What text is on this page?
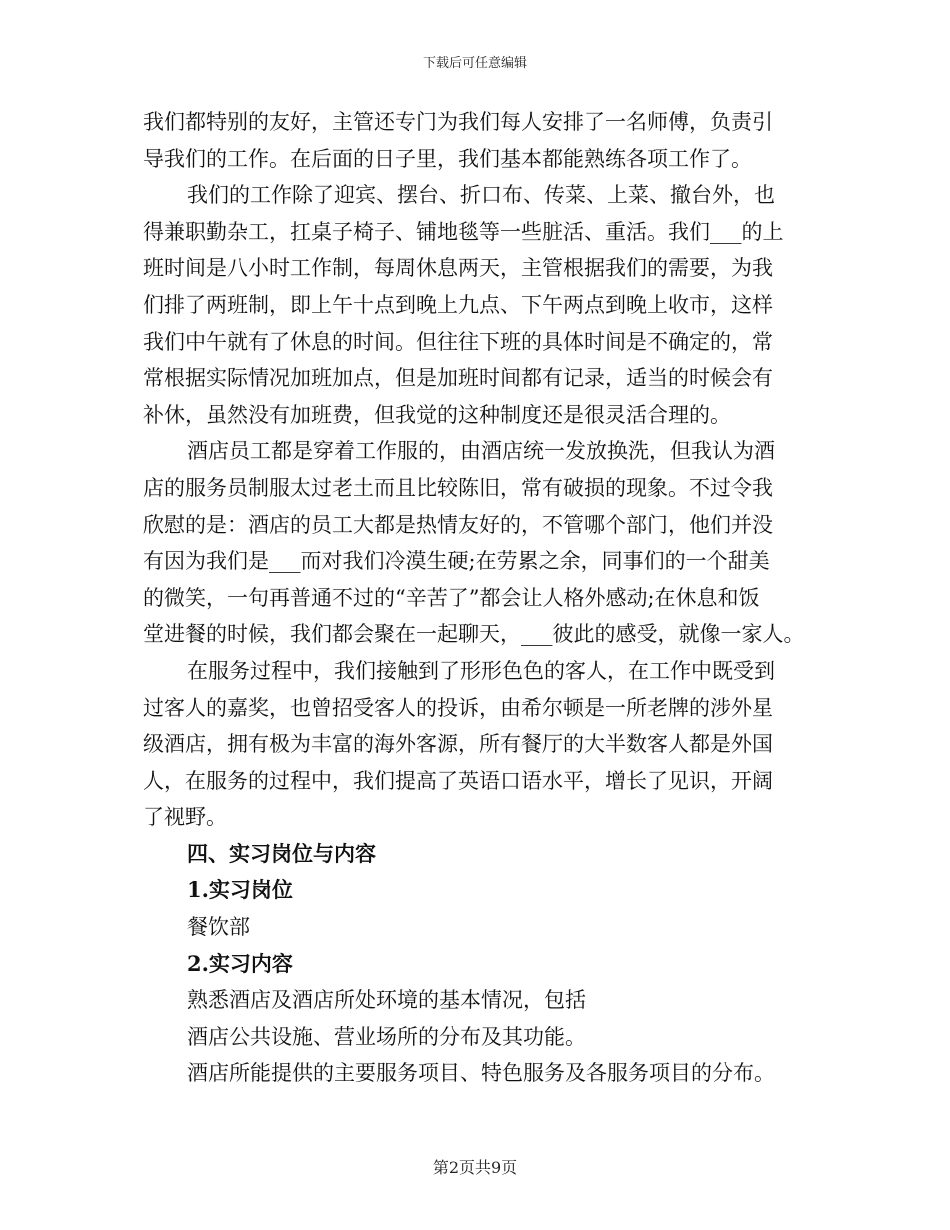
下载后可任意编辑

我们都特别的友好，主管还专门为我们每人安排了一名师傅，负责引
导我们的工作。在后面的日子里，我们基本都能熟练各项工作了。

我们的工作除了迎宾、摆台、折口布、传菜、上菜、撤台外，也
得兼职勤杂工，扛桌子椅子、铺地毯等一些脏活、重活。我们___的上
班时间是八小时工作制，每周休息两天，主管根据我们的需要，为我
们排了两班制，即上午十点到晚上九点、下午两点到晚上收市，这样
我们中午就有了休息的时间。但往往下班的具体时间是不确定的，常
常根据实际情况加班加点，但是加班时间都有记录，适当的时候会有
补休，虽然没有加班费，但我觉的这种制度还是很灵活合理的。

酒店员工都是穿着工作服的，由酒店统一发放换洗，但我认为酒
店的服务员制服太过老土而且比较陈旧，常有破损的现象。不过令我
欣慰的是：酒店的员工大都是热情友好的，不管哪个部门，他们并没
有因为我们是___而对我们冷漠生硬;在劳累之余，同事们的一个甜美
的微笑，一句再普通不过的“辛苦了”都会让人格外感动;在休息和饭
堂进餐的时候，我们都会聚在一起聊天，___彼此的感受，就像一家人。

在服务过程中，我们接触到了形形色色的客人，在工作中既受到
过客人的嘉奖，也曾招受客人的投诉，由希尔顿是一所老牌的涉外星
级酒店，拥有极为丰富的海外客源，所有餐厅的大半数客人都是外国
人，在服务的过程中，我们提高了英语口语水平，增长了见识，开阔
了视野。

四、实习岗位与内容

1.实习岗位

餐饮部

2.实习内容

熟悉酒店及酒店所处环境的基本情况，包括

酒店公共设施、营业场所的分布及其功能。

酒店所能提供的主要服务项目、特色服务及各服务项目的分布。

第2页共9页
